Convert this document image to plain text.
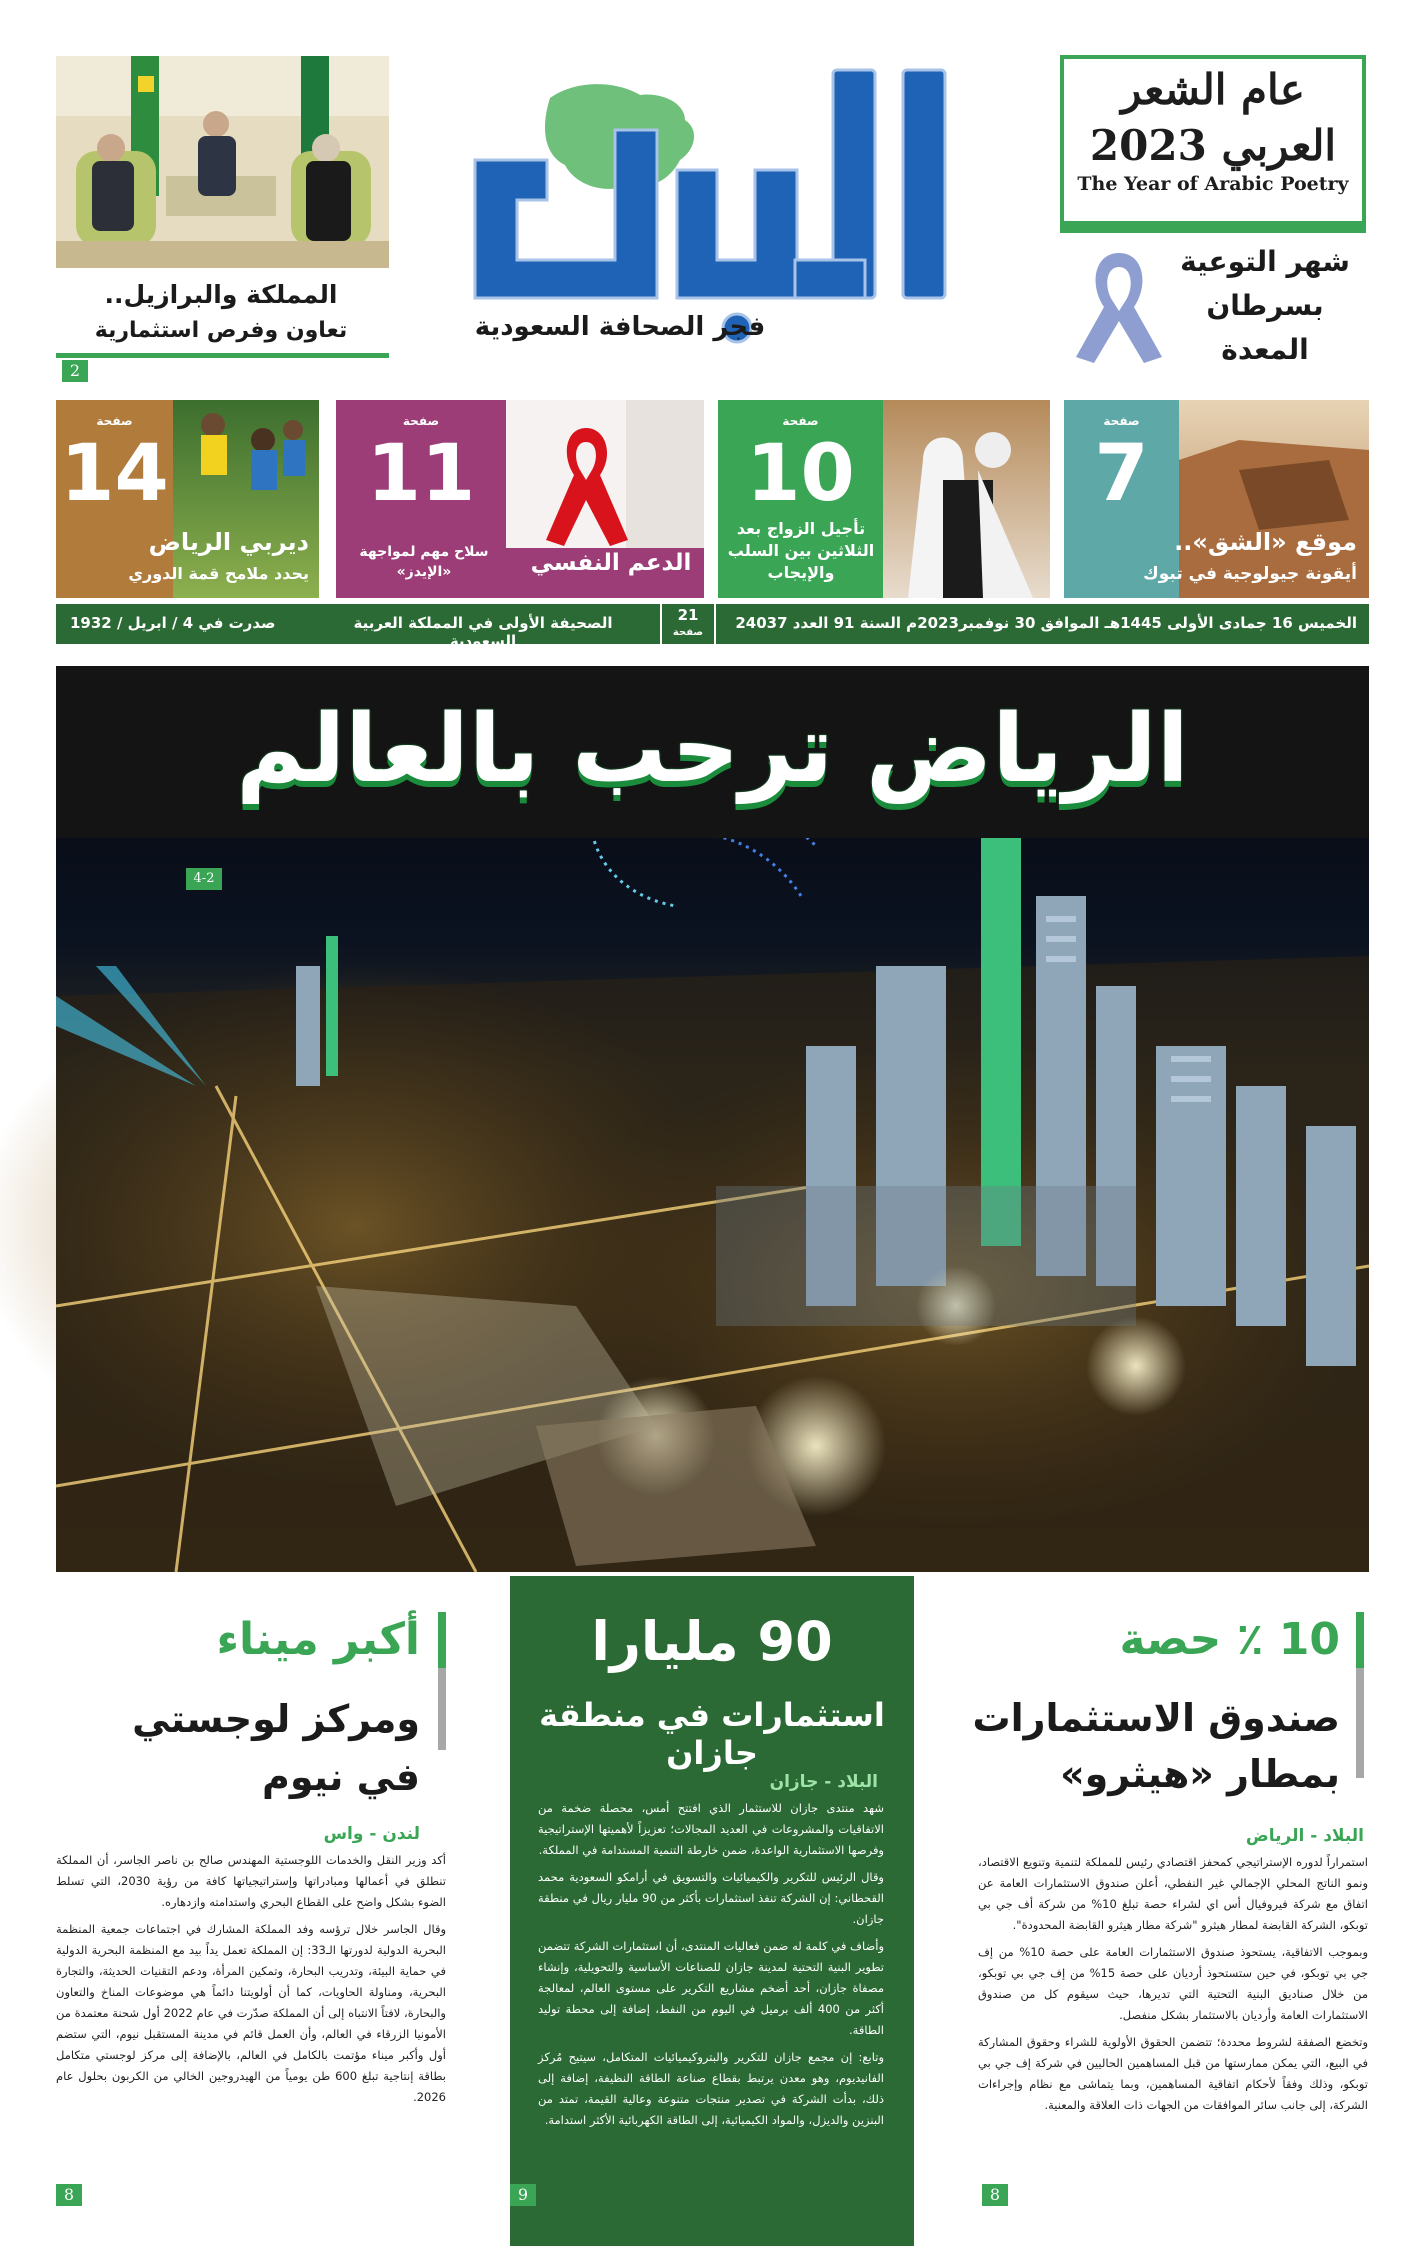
عام الشعر
العربي 2023
The Year of Arabic Poetry
شهر التوعية بسرطان المعدة
البلاد
فجر الصحافة السعودية
المملكة والبرازيل..
تعاون وفرص استثمارية
2
صفحة
7
موقع «الشق»..
أيقونة جيولوجية في تبوك
صفحة
10
تأجيل الزواج بعد الثلاثين بين السلب والإيجاب
صفحة
11
الدعم النفسي
سلاح مهم لمواجهة «الإيدز»
صفحة
14
ديربي الرياض
يحدد ملامح قمة الدوري
الخميس 16 جمادى الأولى 1445هـ الموافق 30 نوفمبر2023م السنة 91 العدد 24037
21
صفحة
الصحيفة الأولى في المملكة العربية السعودية
صدرت في 4 / ابريل / 1932
الرياض ترحب بالعالم
4-2
10 ٪ حصة
صندوق الاستثمارات بمطار «هيثرو»
البلاد - الرياض

استمراراً لدوره الإستراتيجي كمحفز اقتصادي رئيس للمملكة لتنمية وتنويع الاقتصاد، ونمو الناتج المحلي الإجمالي غير النفطي، أعلن صندوق الاستثمارات العامة عن اتفاق مع شركة فيروفيال أس اي لشراء حصة تبلغ 10% من شركة أف جي بي توبكو، الشركة القابضة لمطار هيثرو "شركة مطار هيثرو القابضة المحدودة".

وبموجب الاتفاقية، يستحوذ صندوق الاستثمارات العامة على حصة 10% من إف جي بي توبكو، في حين ستستحوذ أرديان على حصة 15% من إف جي بي توبكو، من خلال صناديق البنية التحتية التي تديرها، حيث سيقوم كل من صندوق الاستثمارات العامة وأرديان بالاستثمار بشكل منفصل.

وتخضع الصفقة لشروط محددة؛ تتضمن الحقوق الأولوية للشراء وحقوق المشاركة في البيع، التي يمكن ممارستها من قبل المساهمين الحاليين في شركة إف جي بي توبكو، وذلك وفقاً لأحكام اتفاقية المساهمين، وبما يتماشى مع نظام وإجراءات الشركة، إلى جانب سائر الموافقات من الجهات ذات العلاقة والمعنية.

8
90 مليارا
استثمارات في منطقة جازان
البلاد - جازان

شهد منتدى جازان للاستثمار الذي افتتح أمس، محصلة ضخمة من الاتفاقيات والمشروعات في العديد المجالات؛ تعزيزاً لأهميتها الإستراتيجية وفرصها الاستثمارية الواعدة، ضمن خارطة التنمية المستدامة في المملكة.

وقال الرئيس للتكرير والكيميائيات والتسويق في أرامكو السعودية محمد القحطاني: إن الشركة تنفذ استثمارات بأكثر من 90 مليار ريال في منطقة جازان.

وأضاف في كلمة له ضمن فعاليات المنتدى، أن استثمارات الشركة تتضمن تطوير البنية التحتية لمدينة جازان للصناعات الأساسية والتحويلية، وإنشاء مصفاة جازان، أحد أضخم مشاريع التكرير على مستوى العالم، لمعالجة أكثر من 400 ألف برميل في اليوم من النفط، إضافة إلى محطة توليد الطاقة.

وتابع: إن مجمع جازان للتكرير والبتروكيميائيات المتكامل، سيتيح مُركز الفانيديوم، وهو معدن يرتبط بقطاع صناعة الطاقة النظيفة، إضافة إلى ذلك، بدأت الشركة في تصدير منتجات متنوعة وعالية القيمة، تمتد من البنزين والديزل، والمواد الكيميائية، إلى الطاقة الكهربائية الأكثر استدامة.

9
أكبر ميناء
ومركز لوجستي في نيوم
لندن - واس

أكد وزير النقل والخدمات اللوجستية المهندس صالح بن ناصر الجاسر، أن المملكة تنطلق في أعمالها ومبادراتها وإستراتيجياتها كافة من رؤية 2030، التي تسلط الضوء بشكل واضح على القطاع البحري واستدامته وازدهاره.

وقال الجاسر خلال ترؤسه وفد المملكة المشارك في اجتماعات جمعية المنظمة البحرية الدولية لدورتها الـ33: إن المملكة تعمل يداً بيد مع المنظمة البحرية الدولية في حماية البيئة، وتدريب البحارة، وتمكين المرأة، ودعم التقنيات الحديثة، والتجارة البحرية، ومناولة الحاويات، كما أن أولويتنا دائماً هي موضوعات المناخ والتعاون والبحارة، لافتاً الانتباه إلى أن المملكة صدّرت في عام 2022 أول شحنة معتمدة من الأمونيا الزرقاء في العالم، وأن العمل قائم في مدينة المستقبل نيوم، التي ستضم أول وأكبر ميناء مؤتمت بالكامل في العالم، بالإضافة إلى مركز لوجستي متكامل بطاقة إنتاجية تبلغ 600 طن يومياً من الهيدروجين الخالي من الكربون بحلول عام 2026.

8
